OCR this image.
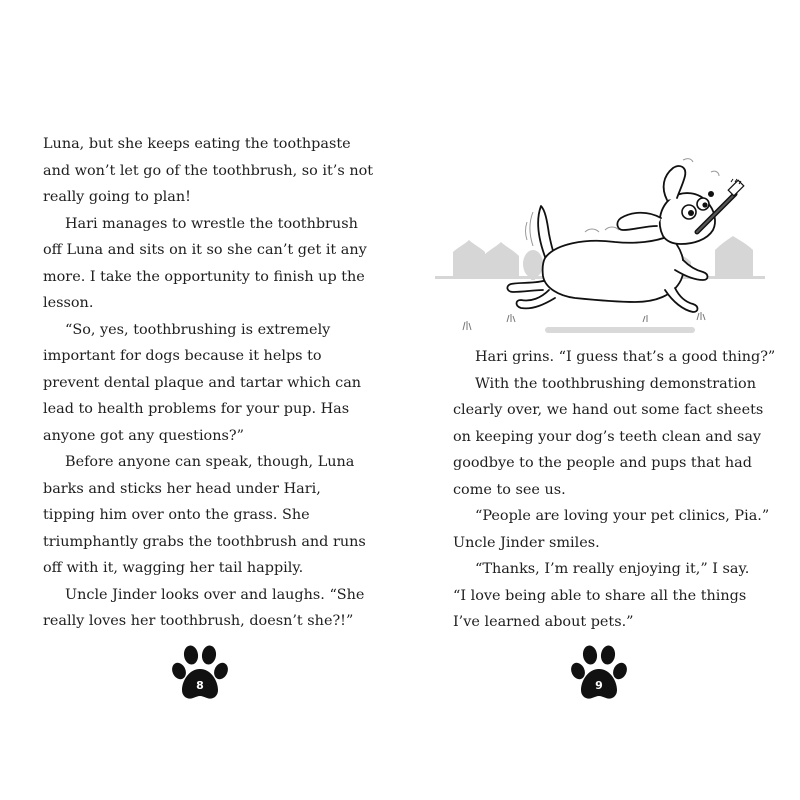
Luna, but she keeps eating the toothpaste
and won’t let go of the toothbrush, so it’s not
really going to plan!
Hari manages to wrestle the toothbrush
off Luna and sits on it so she can’t get it any
more. I take the opportunity to finish up the
lesson.
“So, yes, toothbrushing is extremely
important for dogs because it helps to
prevent dental plaque and tartar which can
lead to health problems for your pup. Has
anyone got any questions?”
Before anyone can speak, though, Luna
barks and sticks her head under Hari,
tipping him over onto the grass. She
triumphantly grabs the toothbrush and runs
off with it, wagging her tail happily.
Uncle Jinder looks over and laughs. “She
really loves her toothbrush, doesn’t she?!”
8
Hari grins. “I guess that’s a good thing?”
With the toothbrushing demonstration
clearly over, we hand out some fact sheets
on keeping your dog’s teeth clean and say
goodbye to the people and pups that had
come to see us.
“People are loving your pet clinics, Pia.”
Uncle Jinder smiles.
“Thanks, I’m really enjoying it,” I say.
“I love being able to share all the things
I’ve learned about pets.”
9
